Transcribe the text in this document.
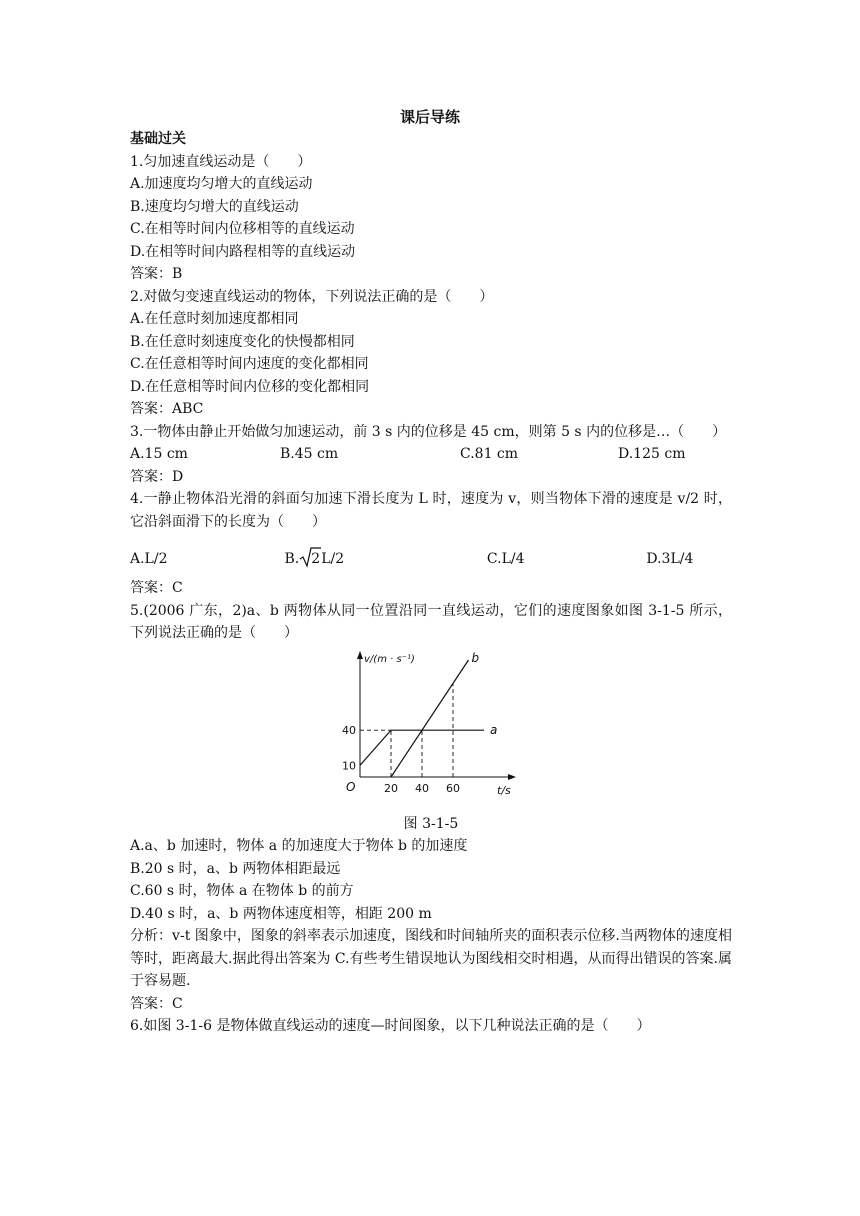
课后导练
基础过关
1.匀加速直线运动是（　　）
A.加速度均匀增大的直线运动
B.速度均匀增大的直线运动
C.在相等时间内位移相等的直线运动
D.在相等时间内路程相等的直线运动
答案：B
2.对做匀变速直线运动的物体，下列说法正确的是（　　）
A.在任意时刻加速度都相同
B.在任意时刻速度变化的快慢都相同
C.在任意相等时间内速度的变化都相同
D.在任意相等时间内位移的变化都相同
答案：ABC
3.一物体由静止开始做匀加速运动，前 3 s 内的位移是 45 cm，则第 5 s 内的位移是…（　　）
A.15 cm	B.45 cm	C.81 cm	D.125 cm
答案：D
4.一静止物体沿光滑的斜面匀加速下滑长度为 L 时，速度为 v，则当物体下滑的速度是 v/2 时，它沿斜面滑下的长度为（　　）
A.L/2	B. 2 L/2	C.L/4	D.3L/4
答案：C
5.(2006 广东，2)a、b 两物体从同一位置沿同一直线运动，它们的速度图象如图 3-1-5 所示，下列说法正确的是（　　）
v/(m · s⁻¹)
t/s
O	20 40 60
10
40	a
b
图 3-1-5
A.a、b 加速时，物体 a 的加速度大于物体 b 的加速度
B.20 s 时，a、b 两物体相距最远
C.60 s 时，物体 a 在物体 b 的前方
D.40 s 时，a、b 两物体速度相等，相距 200 m
分析：v-t 图象中，图象的斜率表示加速度，图线和时间轴所夹的面积表示位移.当两物体的速度相等时，距离最大.据此得出答案为 C.有些考生错误地认为图线相交时相遇，从而得出错误的答案.属于容易题.
答案：C
6.如图 3-1-6 是物体做直线运动的速度—时间图象，以下几种说法正确的是（　　）
